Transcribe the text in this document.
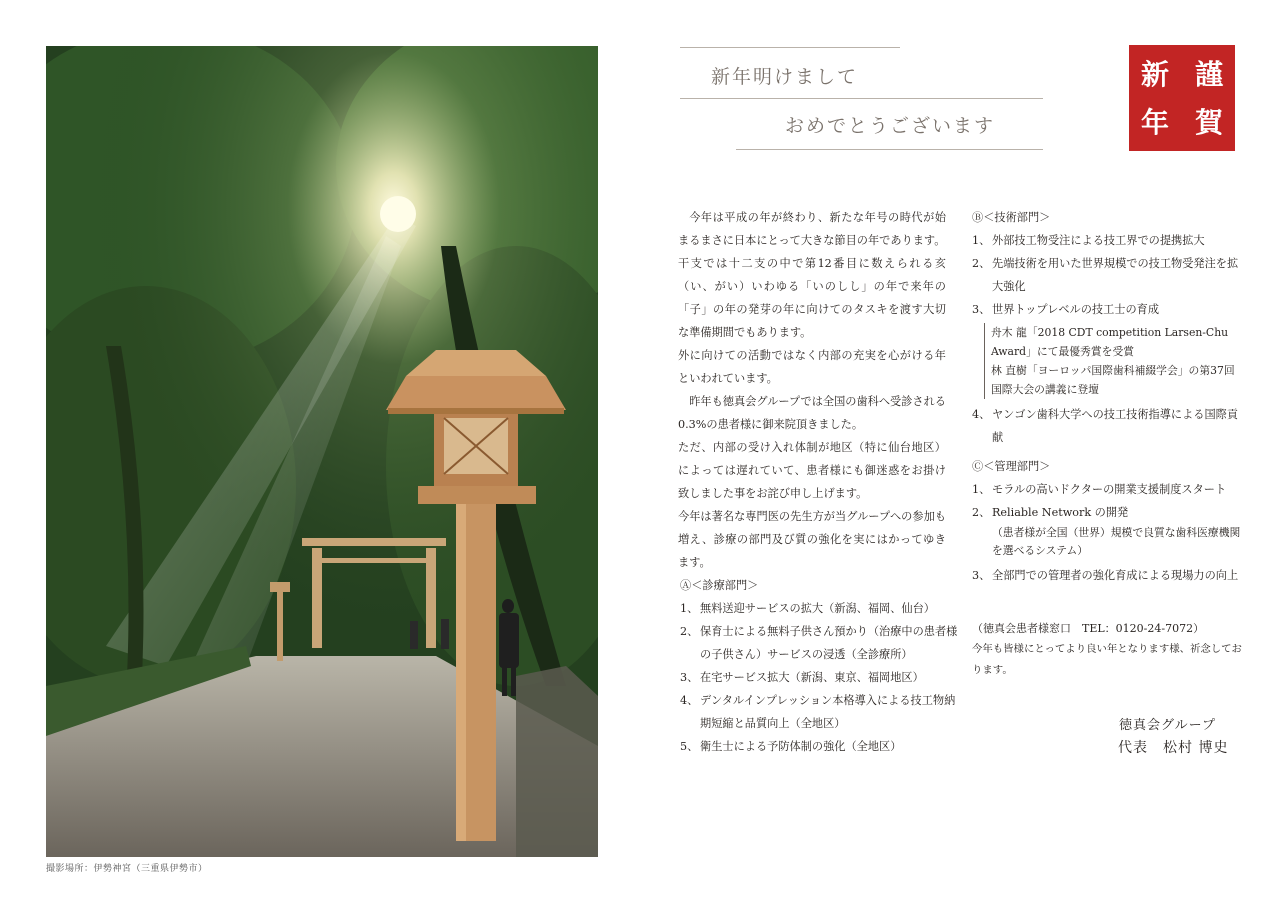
撮影場所：伊勢神宮（三重県伊勢市）
新年明けまして
おめでとうございます
謹
賀
新
年

今年は平成の年が終わり、新たな年号の時代が始まるまさに日本にとって大きな節目の年であります。

干支では十二支の中で第12番目に数えられる亥（い、がい）いわゆる「いのしし」の年で来年の「子」の年の発芽の年に向けてのタスキを渡す大切な準備期間でもあります。

外に向けての活動ではなく内部の充実を心がける年といわれています。

昨年も徳真会グループでは全国の歯科へ受診される0.3%の患者様に御来院頂きました。

ただ、内部の受け入れ体制が地区（特に仙台地区）によっては遅れていて、患者様にも御迷惑をお掛け致しました事をお詫び申し上げます。

今年は著名な専門医の先生方が当グループへの参加も増え、診療の部門及び質の強化を実にはかってゆきます。

Ⓐ＜診療部門＞

1、 無料送迎サービスの拡大（新潟、福岡、仙台）
2、 保育士による無料子供さん預かり（治療中の患者様の子供さん）サービスの浸透（全診療所）
3、 在宅サービス拡大（新潟、東京、福岡地区）
4、 デンタルインプレッション本格導入による技工物納期短縮と品質向上（全地区）
5、 衛生士による予防体制の強化（全地区）

Ⓑ＜技術部門＞

1、 外部技工物受注による技工界での提携拡大
2、 先端技術を用いた世界規模での技工物受発注を拡大強化
3、 世界トップレベルの技工士の育成

舟木 龍「2018 CDT competition Larsen-Chu Award」にて最優秀賞を受賞

林 直樹「ヨーロッパ国際歯科補綴学会」の第37回国際大会の講義に登壇

4、 ヤンゴン歯科大学への技工技術指導による国際貢献

Ⓒ＜管理部門＞

1、 モラルの高いドクターの開業支援制度スタート
2、 Reliable Network の開発
（患者様が全国（世界）規模で良質な歯科医療機関を選べるシステム）
3、 全部門での管理者の強化育成による現場力の向上
（徳真会患者様窓口　TEL：0120-24-7072）
今年も皆様にとってより良い年となります様、祈念しております。
徳真会グループ
代表　松村 博史
